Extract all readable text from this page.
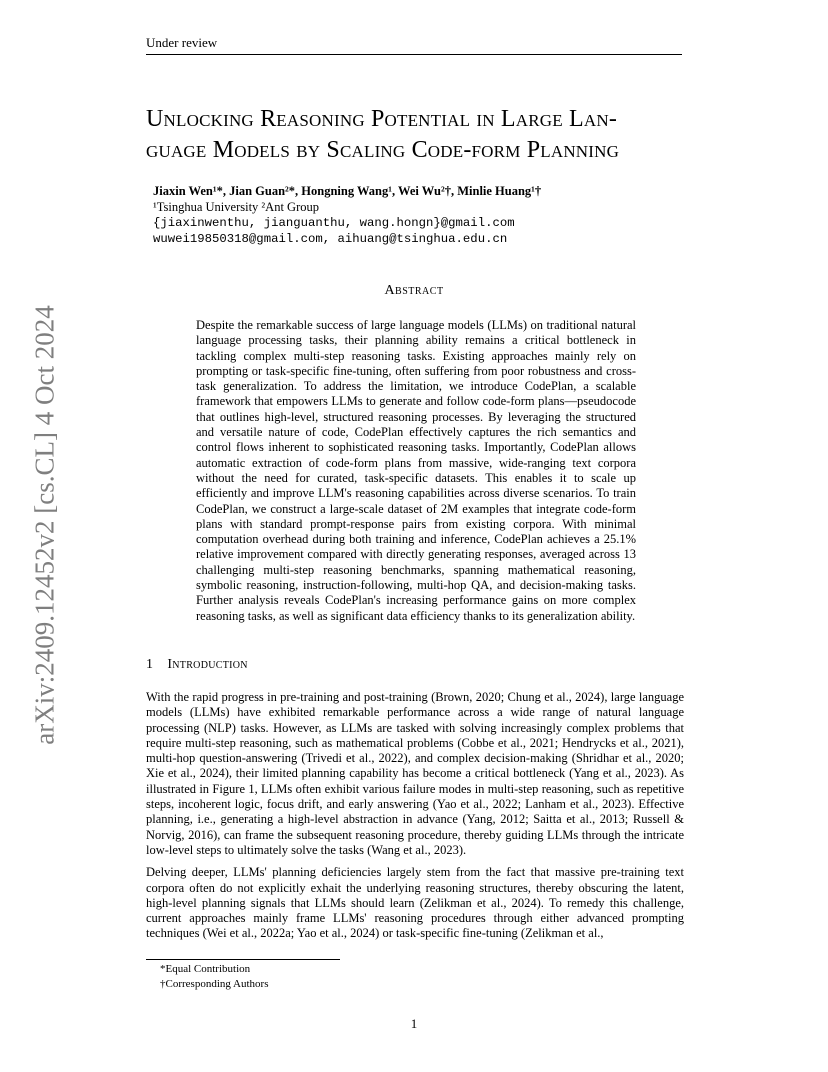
Under review
arXiv:2409.12452v2 [cs.CL] 4 Oct 2024
Unlocking Reasoning Potential in Large Lan-
guage Models by Scaling Code-form Planning
Jiaxin Wen¹*, Jian Guan²*, Hongning Wang¹, Wei Wu²†, Minlie Huang¹†
¹Tsinghua University ²Ant Group
{jiaxinwenthu, jianguanthu, wang.hongn}@gmail.com
wuwei19850318@gmail.com, aihuang@tsinghua.edu.cn
Abstract
Despite the remarkable success of large language models (LLMs) on traditional natural language processing tasks, their planning ability remains a critical bottleneck in tackling complex multi-step reasoning tasks. Existing approaches mainly rely on prompting or task-specific fine-tuning, often suffering from poor robustness and cross-task generalization. To address the limitation, we introduce CodePlan, a scalable framework that empowers LLMs to generate and follow code-form plans—pseudocode that outlines high-level, structured reasoning processes. By leveraging the structured and versatile nature of code, CodePlan effectively captures the rich semantics and control flows inherent to sophisticated reasoning tasks. Importantly, CodePlan allows automatic extraction of code-form plans from massive, wide-ranging text corpora without the need for curated, task-specific datasets. This enables it to scale up efficiently and improve LLM's reasoning capabilities across diverse scenarios. To train CodePlan, we construct a large-scale dataset of 2M examples that integrate code-form plans with standard prompt-response pairs from existing corpora. With minimal computation overhead during both training and inference, CodePlan achieves a 25.1% relative improvement compared with directly generating responses, averaged across 13 challenging multi-step reasoning benchmarks, spanning mathematical reasoning, symbolic reasoning, instruction-following, multi-hop QA, and decision-making tasks. Further analysis reveals CodePlan's increasing performance gains on more complex reasoning tasks, as well as significant data efficiency thanks to its generalization ability.
1 Introduction

With the rapid progress in pre-training and post-training (Brown, 2020; Chung et al., 2024), large language models (LLMs) have exhibited remarkable performance across a wide range of natural language processing (NLP) tasks. However, as LLMs are tasked with solving increasingly complex problems that require multi-step reasoning, such as mathematical problems (Cobbe et al., 2021; Hendrycks et al., 2021), multi-hop question-answering (Trivedi et al., 2022), and complex decision-making (Shridhar et al., 2020; Xie et al., 2024), their limited planning capability has become a critical bottleneck (Yang et al., 2023). As illustrated in Figure 1, LLMs often exhibit various failure modes in multi-step reasoning, such as repetitive steps, incoherent logic, focus drift, and early answering (Yao et al., 2022; Lanham et al., 2023). Effective planning, i.e., generating a high-level abstraction in advance (Yang, 2012; Saitta et al., 2013; Russell & Norvig, 2016), can frame the subsequent reasoning procedure, thereby guiding LLMs through the intricate low-level steps to ultimately solve the tasks (Wang et al., 2023).

Delving deeper, LLMs' planning deficiencies largely stem from the fact that massive pre-training text corpora often do not explicitly exhait the underlying reasoning structures, thereby obscuring the latent, high-level planning signals that LLMs should learn (Zelikman et al., 2024). To remedy this challenge, current approaches mainly frame LLMs' reasoning procedures through either advanced prompting techniques (Wei et al., 2022a; Yao et al., 2024) or task-specific fine-tuning (Zelikman et al.,

*Equal Contribution
†Corresponding Authors
1
